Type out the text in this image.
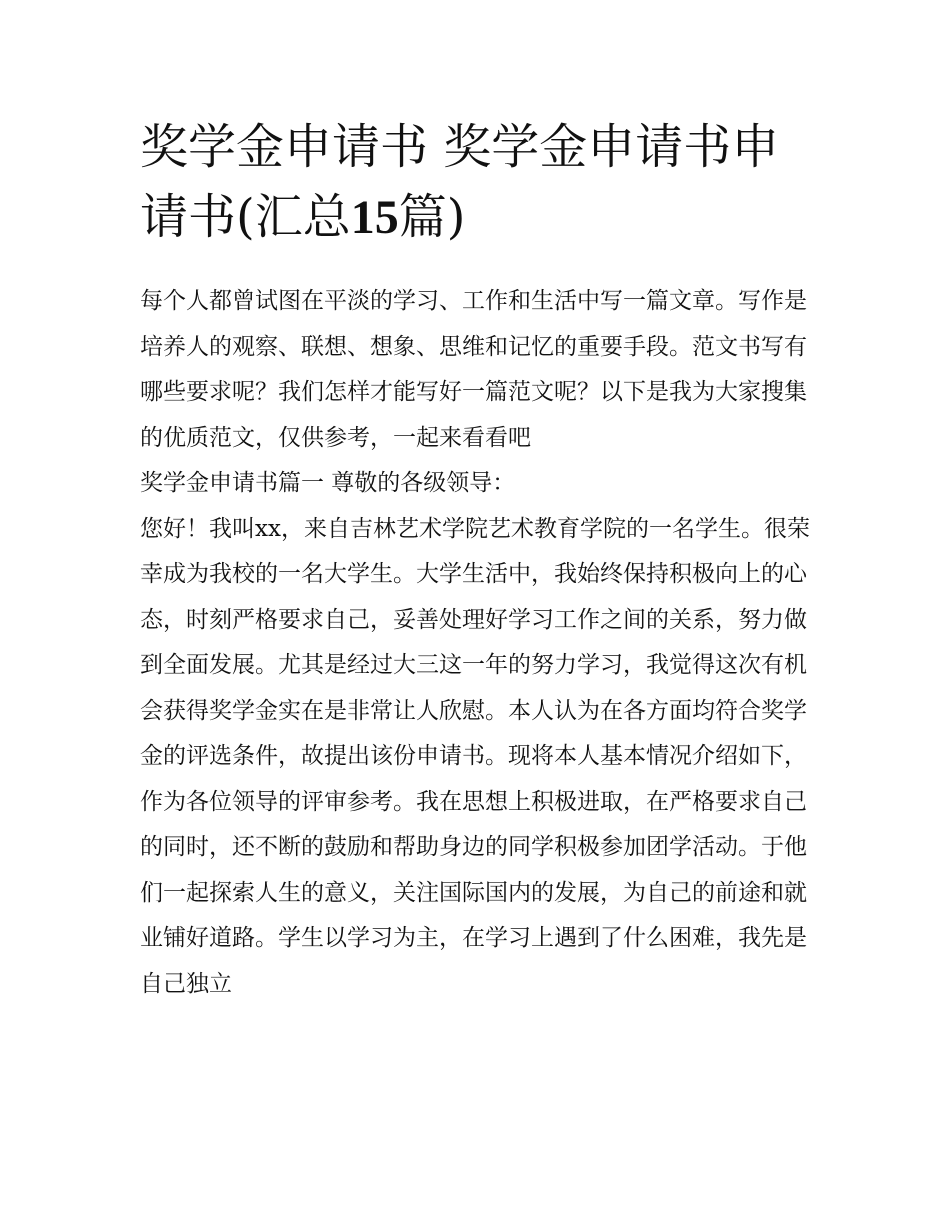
奖学金申请书 奖学金申请书申请书(汇总15篇)

每个人都曾试图在平淡的学习、工作和生活中写一篇文章。写作是培养人的观察、联想、想象、思维和记忆的重要手段。范文书写有哪些要求呢？我们怎样才能写好一篇范文呢？以下是我为大家搜集的优质范文，仅供参考，一起来看看吧

奖学金申请书篇一 尊敬的各级领导：

您好！我叫xx，来自吉林艺术学院艺术教育学院的一名学生。很荣幸成为我校的一名大学生。大学生活中，我始终保持积极向上的心态，时刻严格要求自己，妥善处理好学习工作之间的关系，努力做到全面发展。尤其是经过大三这一年的努力学习，我觉得这次有机会获得奖学金实在是非常让人欣慰。本人认为在各方面均符合奖学金的评选条件，故提出该份申请书。现将本人基本情况介绍如下，作为各位领导的评审参考。我在思想上积极进取，在严格要求自己的同时，还不断的鼓励和帮助身边的同学积极参加团学活动。于他们一起探索人生的意义，关注国际国内的发展，为自己的前途和就业铺好道路。学生以学习为主，在学习上遇到了什么困难，我先是自己独立
